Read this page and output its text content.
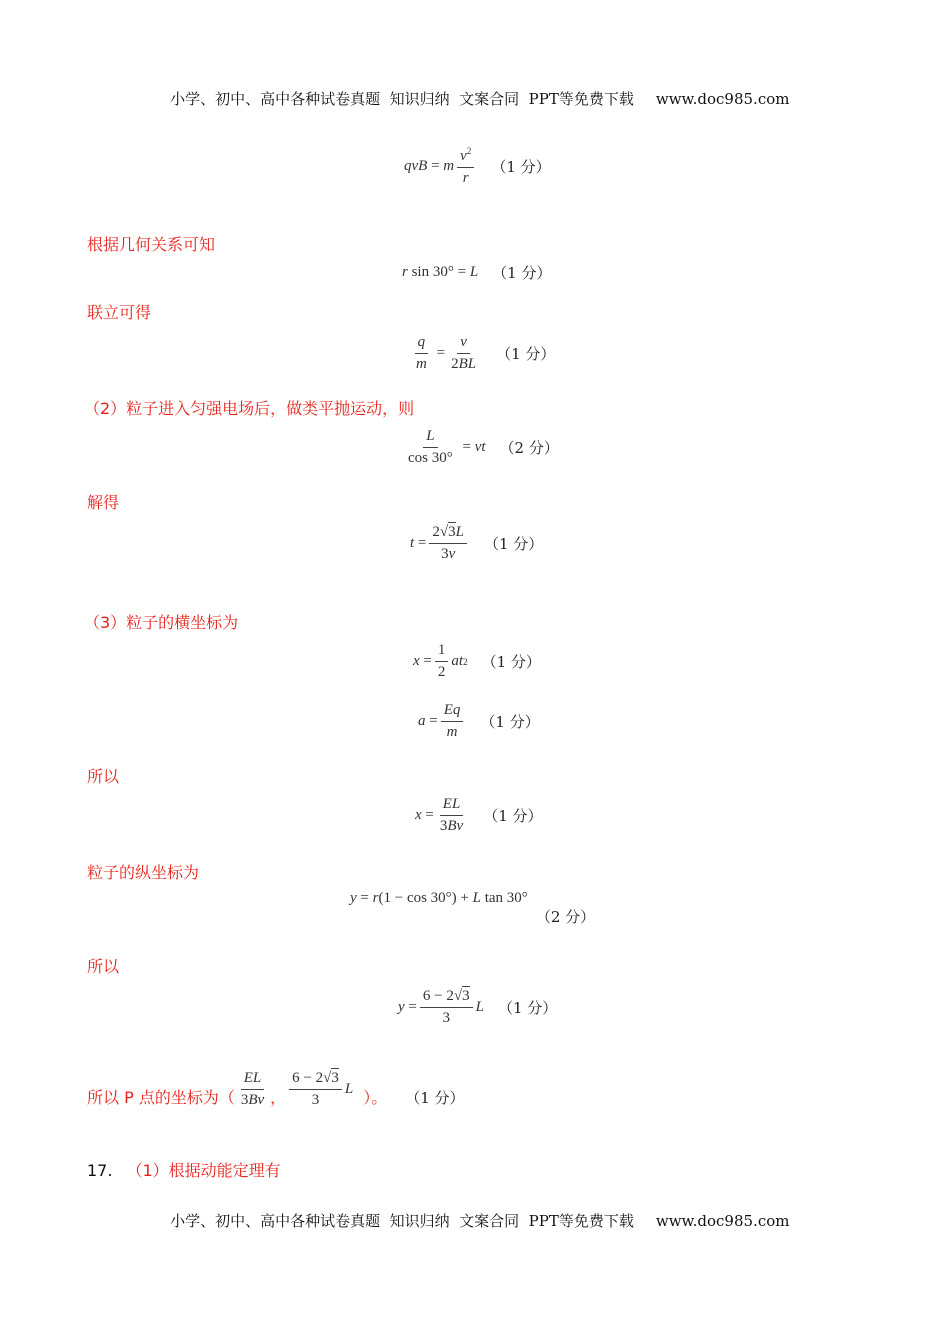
小学、初中、高中各种试卷真题  知识归纳  文案合同  PPT等免费下载 www.doc985.com

qvB = m $\frac{v^2}{r} (1$ 分）
根据几何关系可知
r sin 30° = L （1 分）
联立可得
$\frac{q}{m} = \frac{v}{2BL} (1$ 分）
（2）粒子进入匀强电场后，做类平抛运动，则
$\frac{L}{\cos 30^\circ}$ = vt （2 分）
解得
$t = \frac{2√3L}{3v} (1$ 分）
（3）粒子的横坐标为
$x = \frac{1}{2}$ at 2 （1 分）
$a = \frac{Eq}{m} (1$ 分）
所以
$x = \frac{EL}{3Bv} (1$ 分）
粒子的纵坐标为
y = r(1 − cos 30°) + L tan 30°
（2 分）
所以
$y = \frac{6 - 2√3}{3}$ L （1 分）
所以 P 点的坐标为（ $\frac{EL}{3Bv}$ ， $\frac{6 - 2√3}{3}$ L ）。 （1 分）
17. （1）根据动能定理有

小学、初中、高中各种试卷真题  知识归纳  文案合同  PPT等免费下载 www.doc985.com
